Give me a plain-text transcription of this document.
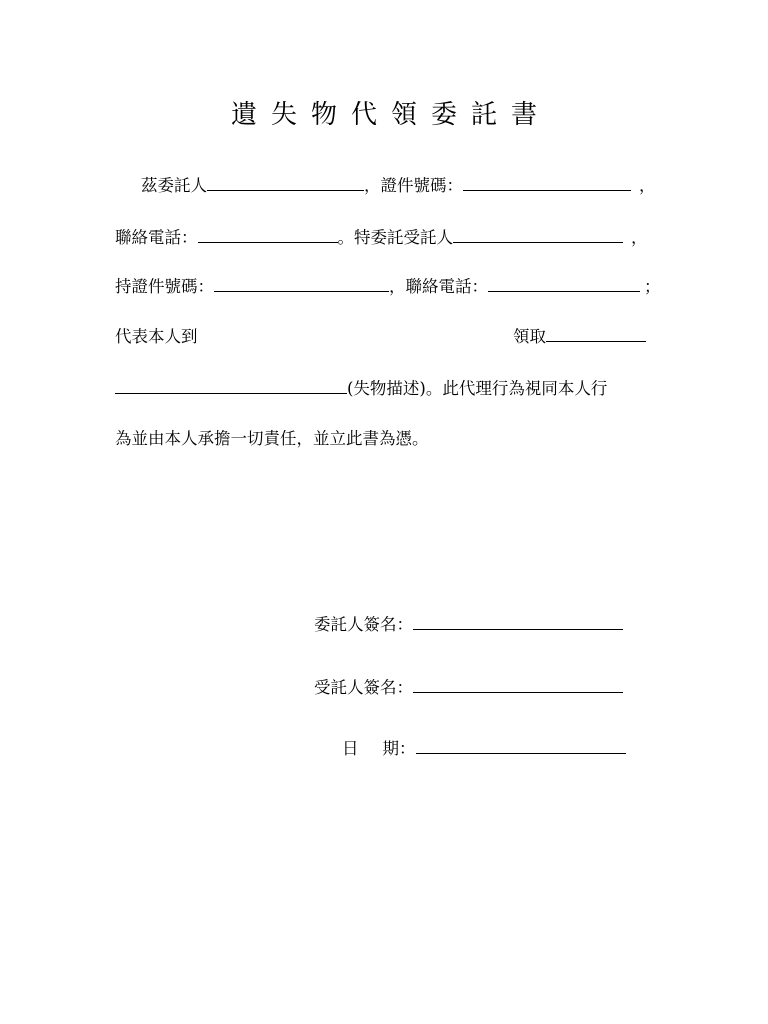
遺失物代領委託書
茲委託人	，證件號碼：	，
聯絡電話：	。特委託受託人	，
持證件號碼：	，聯絡電話：	；
代表本人到	領取
(失物描述)。此代理行為視同本人行
為並由本人承擔一切責任，並立此書為憑。
委託人簽名：
受託人簽名：
日 期：
